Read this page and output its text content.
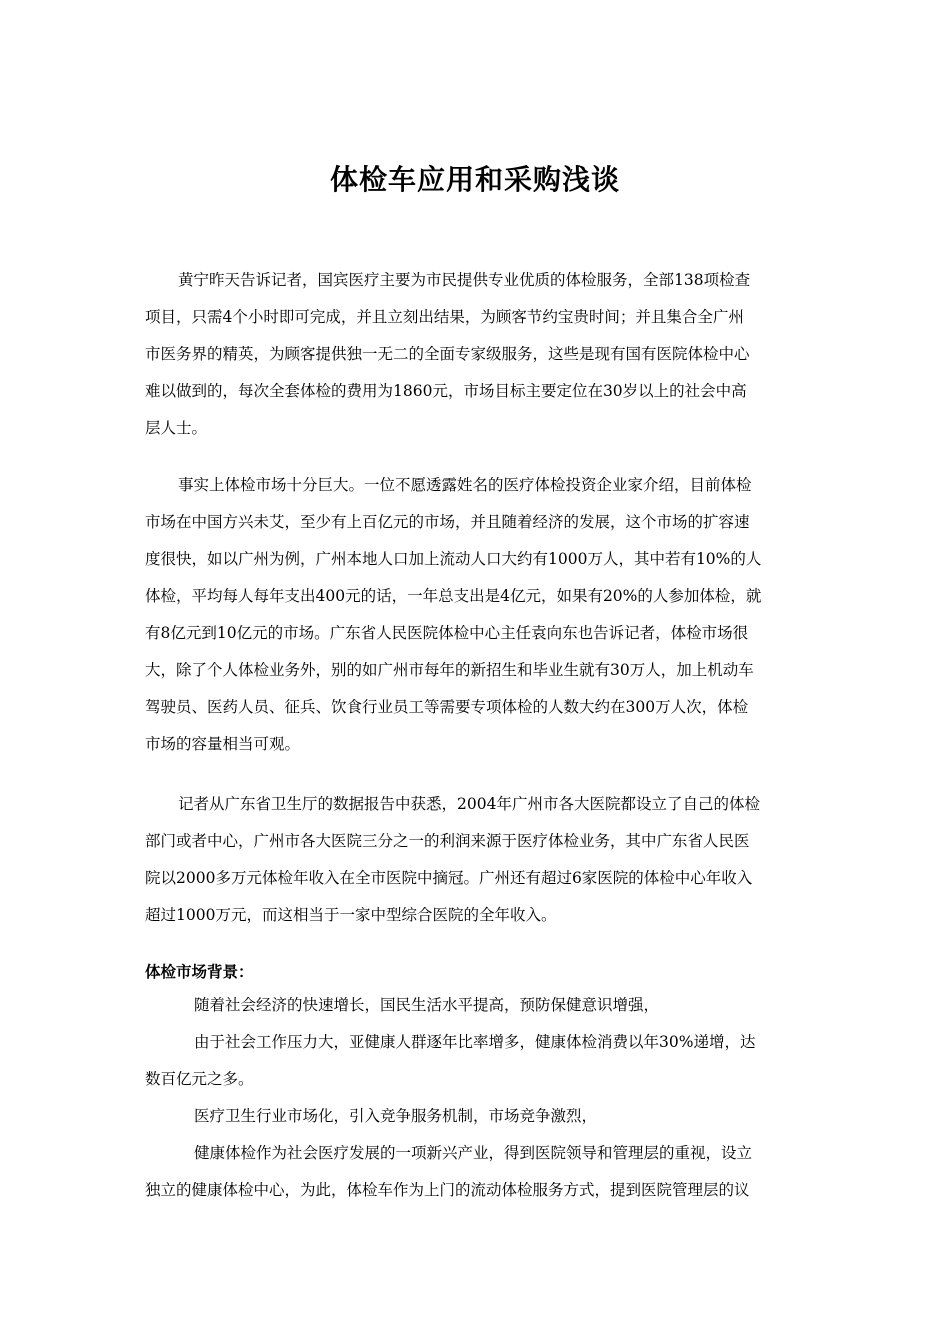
体检车应用和采购浅谈
黄宁昨天告诉记者，国宾医疗主要为市民提供专业优质的体检服务，全部138项检查
项目，只需4个小时即可完成，并且立刻出结果，为顾客节约宝贵时间；并且集合全广州
市医务界的精英，为顾客提供独一无二的全面专家级服务，这些是现有国有医院体检中心
难以做到的，每次全套体检的费用为1860元，市场目标主要定位在30岁以上的社会中高
层人士。
事实上体检市场十分巨大。一位不愿透露姓名的医疗体检投资企业家介绍，目前体检
市场在中国方兴未艾，至少有上百亿元的市场，并且随着经济的发展，这个市场的扩容速
度很快，如以广州为例，广州本地人口加上流动人口大约有1000万人，其中若有10%的人
体检，平均每人每年支出400元的话，一年总支出是4亿元，如果有20%的人参加体检，就
有8亿元到10亿元的市场。广东省人民医院体检中心主任袁向东也告诉记者，体检市场很
大，除了个人体检业务外，别的如广州市每年的新招生和毕业生就有30万人，加上机动车
驾驶员、医药人员、征兵、饮食行业员工等需要专项体检的人数大约在300万人次，体检
市场的容量相当可观。
记者从广东省卫生厅的数据报告中获悉，2004年广州市各大医院都设立了自己的体检
部门或者中心，广州市各大医院三分之一的利润来源于医疗体检业务，其中广东省人民医
院以2000多万元体检年收入在全市医院中摘冠。广州还有超过6家医院的体检中心年收入
超过1000万元，而这相当于一家中型综合医院的全年收入。
体检市场背景：
随着社会经济的快速增长，国民生活水平提高，预防保健意识增强，
由于社会工作压力大，亚健康人群逐年比率增多，健康体检消费以年30%递增，达
数百亿元之多。
医疗卫生行业市场化，引入竞争服务机制，市场竞争激烈，
健康体检作为社会医疗发展的一项新兴产业，得到医院领导和管理层的重视，设立
独立的健康体检中心，为此，体检车作为上门的流动体检服务方式，提到医院管理层的议
